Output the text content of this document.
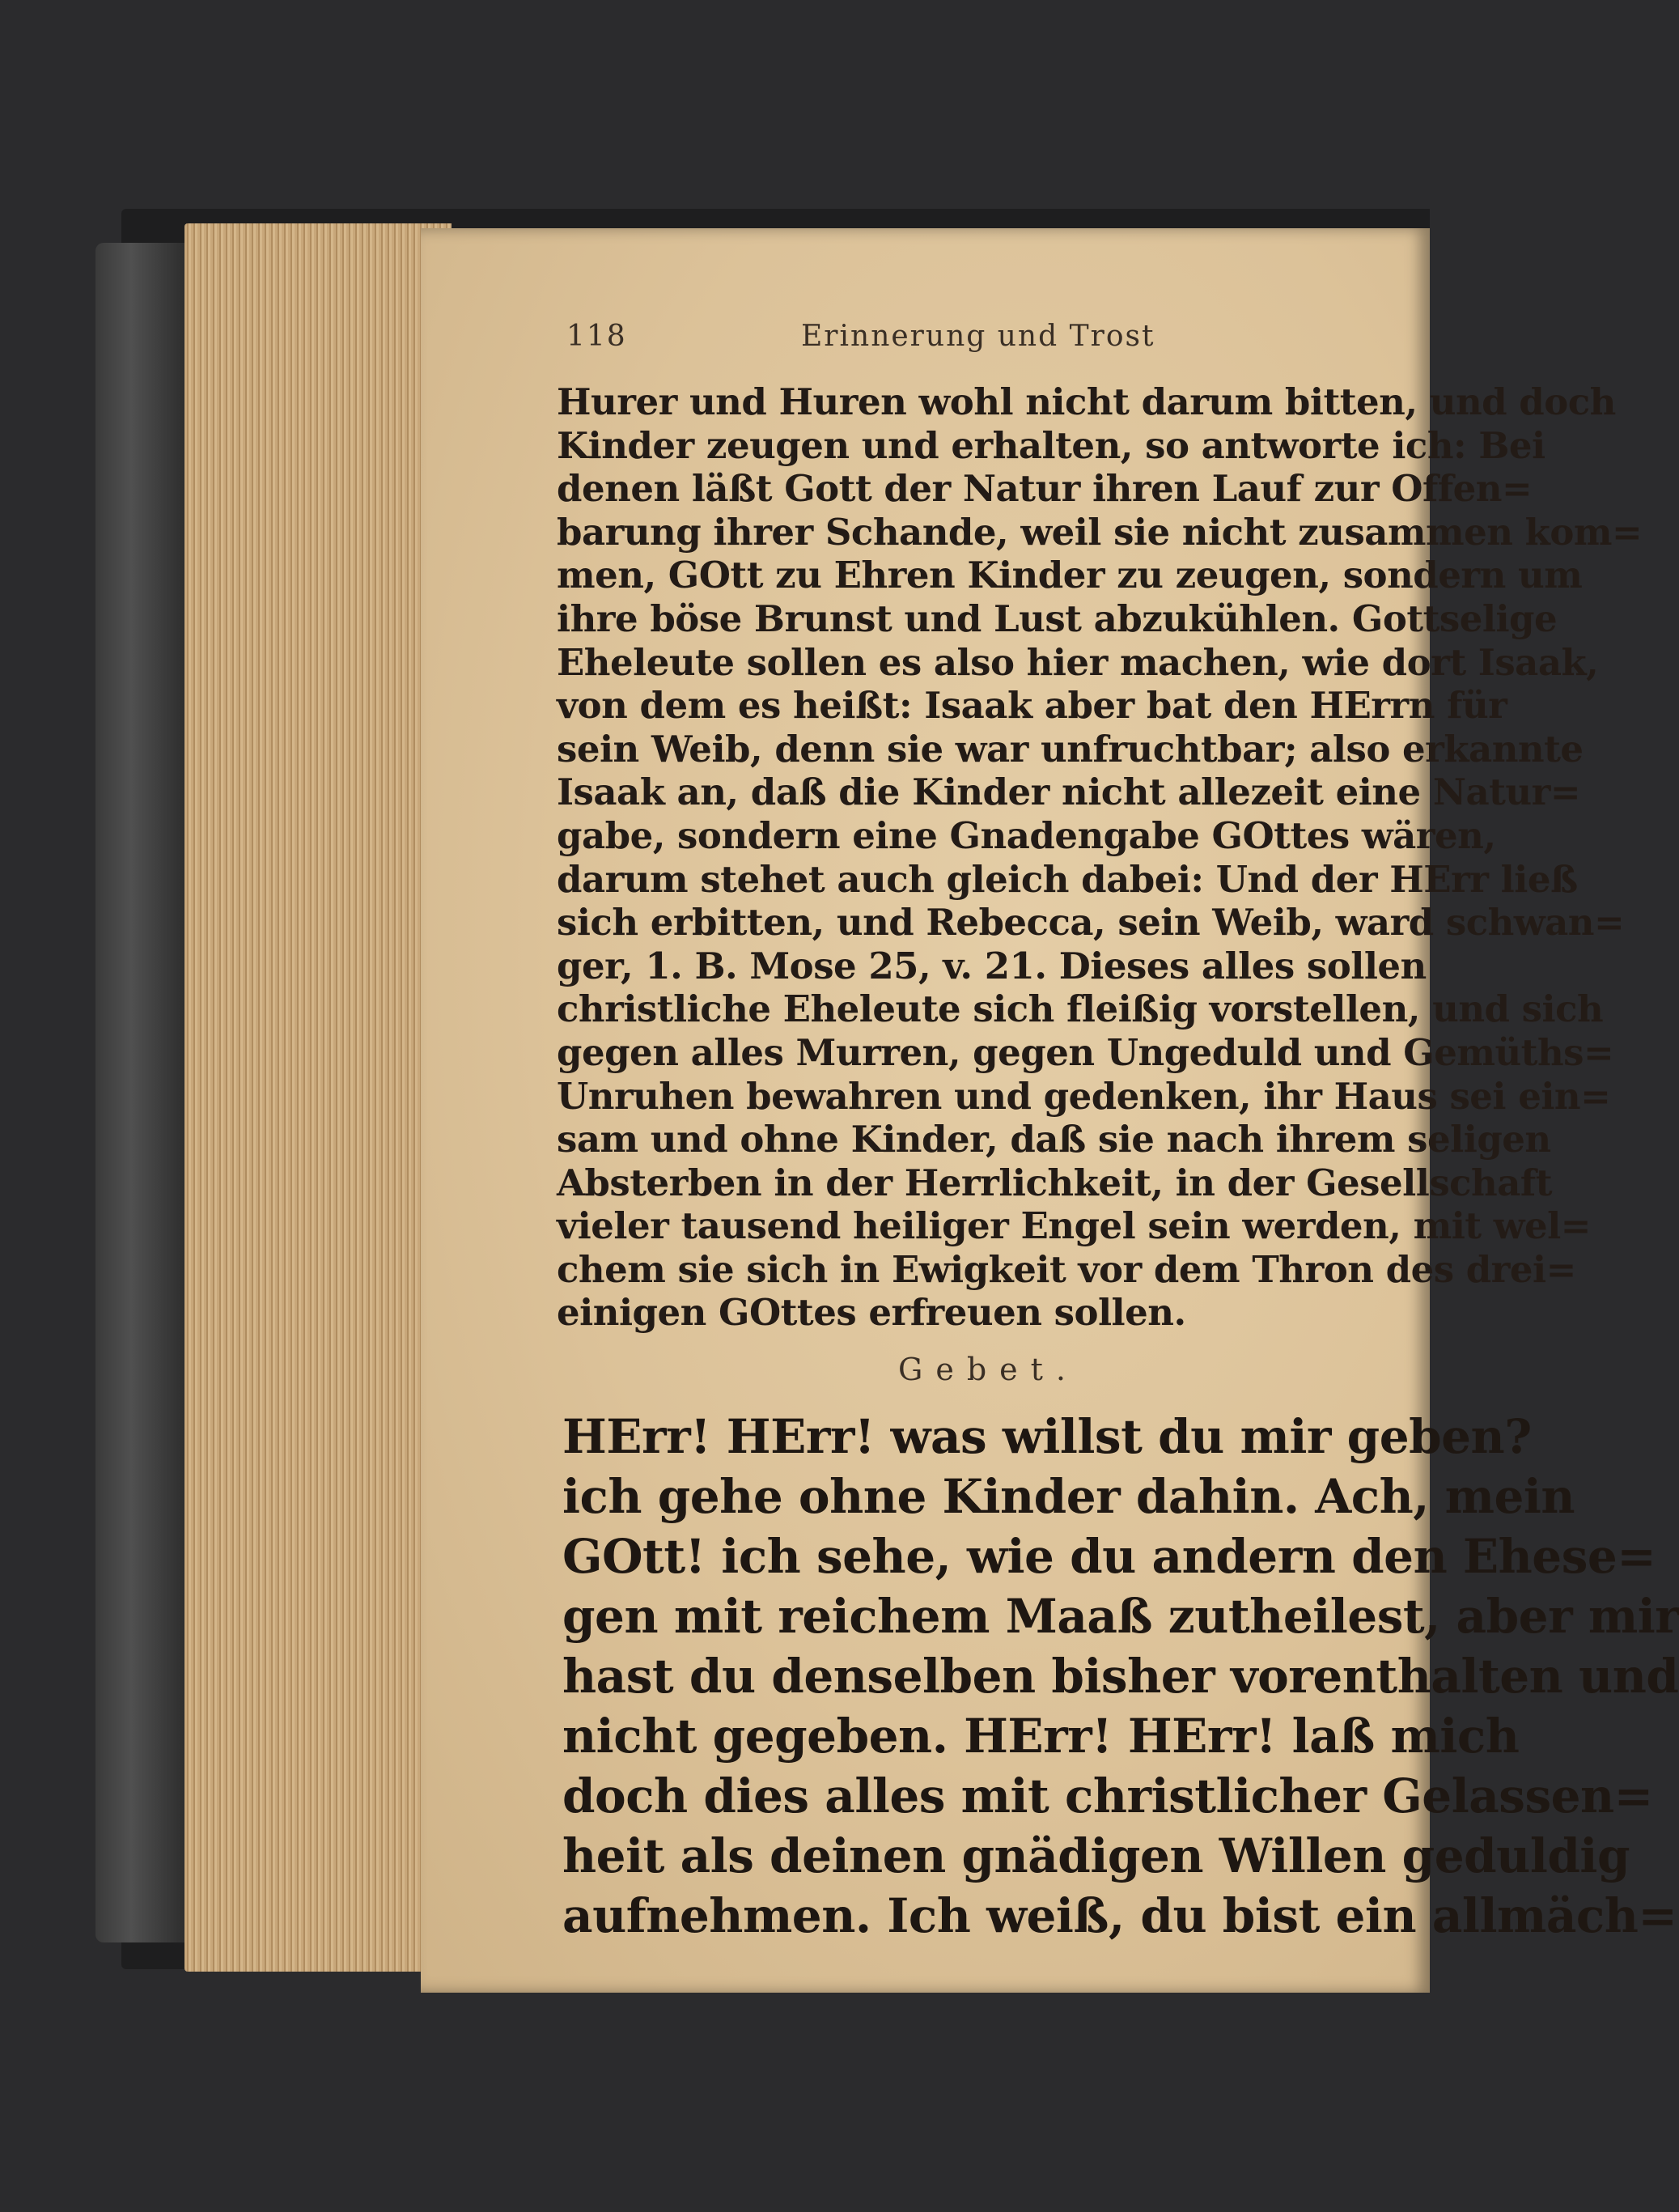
118	Erinnerung und Trost
Hurer und Huren wohl nicht darum bitten, und doch
Kinder zeugen und erhalten, so antworte ich: Bei
denen läßt Gott der Natur ihren Lauf zur Offen=
barung ihrer Schande, weil sie nicht zusammen kom=
men, GOtt zu Ehren Kinder zu zeugen, sondern um
ihre böse Brunst und Lust abzukühlen. Gottselige
Eheleute sollen es also hier machen, wie dort Isaak,
von dem es heißt: Isaak aber bat den HErrn für
sein Weib, denn sie war unfruchtbar; also erkannte
Isaak an, daß die Kinder nicht allezeit eine Natur=
gabe, sondern eine Gnadengabe GOttes wären,
darum stehet auch gleich dabei: Und der HErr ließ
sich erbitten, und Rebecca, sein Weib, ward schwan=
ger, 1. B. Mose 25, v. 21. Dieses alles sollen
christliche Eheleute sich fleißig vorstellen, und sich
gegen alles Murren, gegen Ungeduld und Gemüths=
Unruhen bewahren und gedenken, ihr Haus sei ein=
sam und ohne Kinder, daß sie nach ihrem seligen
Absterben in der Herrlichkeit, in der Gesellschaft
vieler tausend heiliger Engel sein werden, mit wel=
chem sie sich in Ewigkeit vor dem Thron des drei=
einigen GOttes erfreuen sollen.
Gebet.
HErr! HErr! was willst du mir geben?
ich gehe ohne Kinder dahin. Ach, mein
GOtt! ich sehe, wie du andern den Ehese=
gen mit reichem Maaß zutheilest, aber mir
hast du denselben bisher vorenthalten und
nicht gegeben. HErr! HErr! laß mich
doch dies alles mit christlicher Gelassen=
heit als deinen gnädigen Willen geduldig
aufnehmen. Ich weiß, du bist ein allmäch=
